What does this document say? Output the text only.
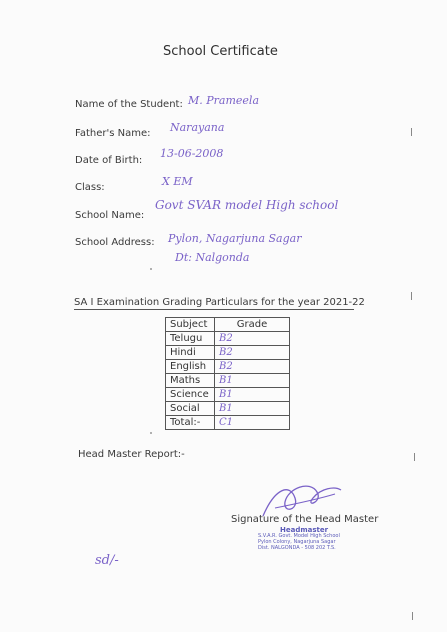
School Certificate
Name of the Student: M. Prameela
Father's Name: Narayana
Date of Birth:
13-06-2008
Class:	X EM
School Name:
Govt SVAR model High school
School Address: Pylon, Nagarjuna Sagar
Dt: Nalgonda
SA I Examination Grading Particulars for the year 2021-22
Subject	Grade
Telugu	B2
Hindi	B2
English	B2
Maths	B1
Science	B1
Social	B1
Total:-	C1
Head Master Report:-
Signature of the Head Master
Headmaster
S.V.A.R. Govt. Model High School
Pylon Colony, Nagarjuna Sagar
Dist. NALGONDA - 508 202 T.S.
sd/-
